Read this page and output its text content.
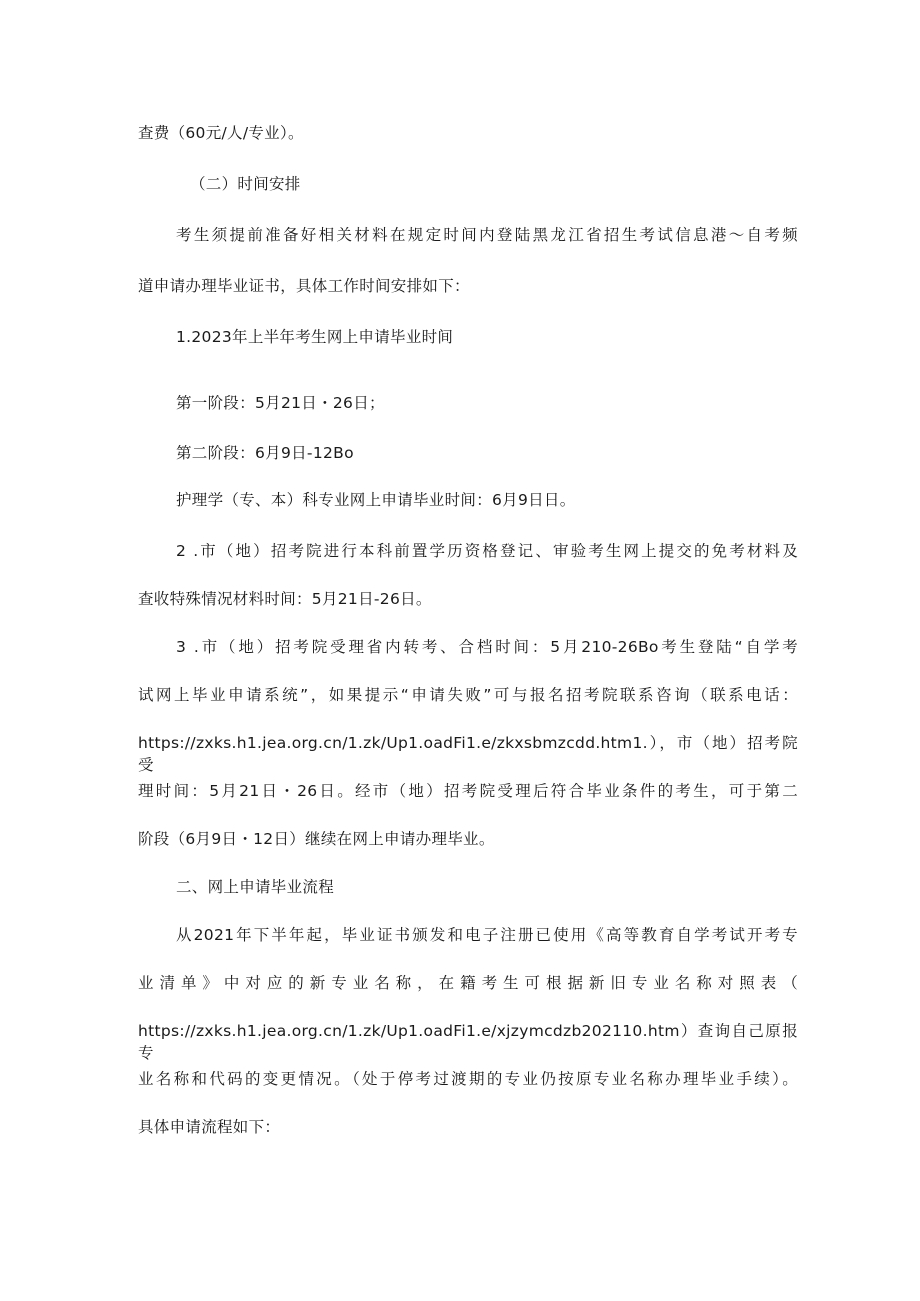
查费（60元/人/专业）。
（二）时间安排
考生须提前准备好相关材料在规定时间内登陆黑龙江省招生考试信息港～自考频
道申请办理毕业证书，具体工作时间安排如下：
1.2023年上半年考生网上申请毕业时间
第一阶段：5月21日・26日；
第二阶段：6月9日-12Bo
护理学（专、本）科专业网上申请毕业时间：6月9日日。
2 .市（地）招考院进行本科前置学历资格登记、审验考生网上提交的免考材料及
查收特殊情况材料时间：5月21日-26日。
3 .市（地）招考院受理省内转考、合档时间：5月210-26Bo考生登陆“自学考
试网上毕业申请系统”，如果提示“申请失败”可与报名招考院联系咨询（联系电话：
https://zxks.h1.jea.org.cn/1.zk/Up1.oadFi1.e/zkxsbmzcdd.htm1.），市（地）招考院受
理时间：5月21日・26日。经市（地）招考院受理后符合毕业条件的考生，可于第二
阶段（6月9日・12日）继续在网上申请办理毕业。
二、网上申请毕业流程
从2021年下半年起，毕业证书颁发和电子注册已使用《高等教育自学考试开考专
业清单》中对应的新专业名称，在籍考生可根据新旧专业名称对照表（
https://zxks.h1.jea.org.cn/1.zk/Up1.oadFi1.e/xjzymcdzb202110.htm）查询自己原报专
业名称和代码的变更情况。（处于停考过渡期的专业仍按原专业名称办理毕业手续）。
具体申请流程如下：
